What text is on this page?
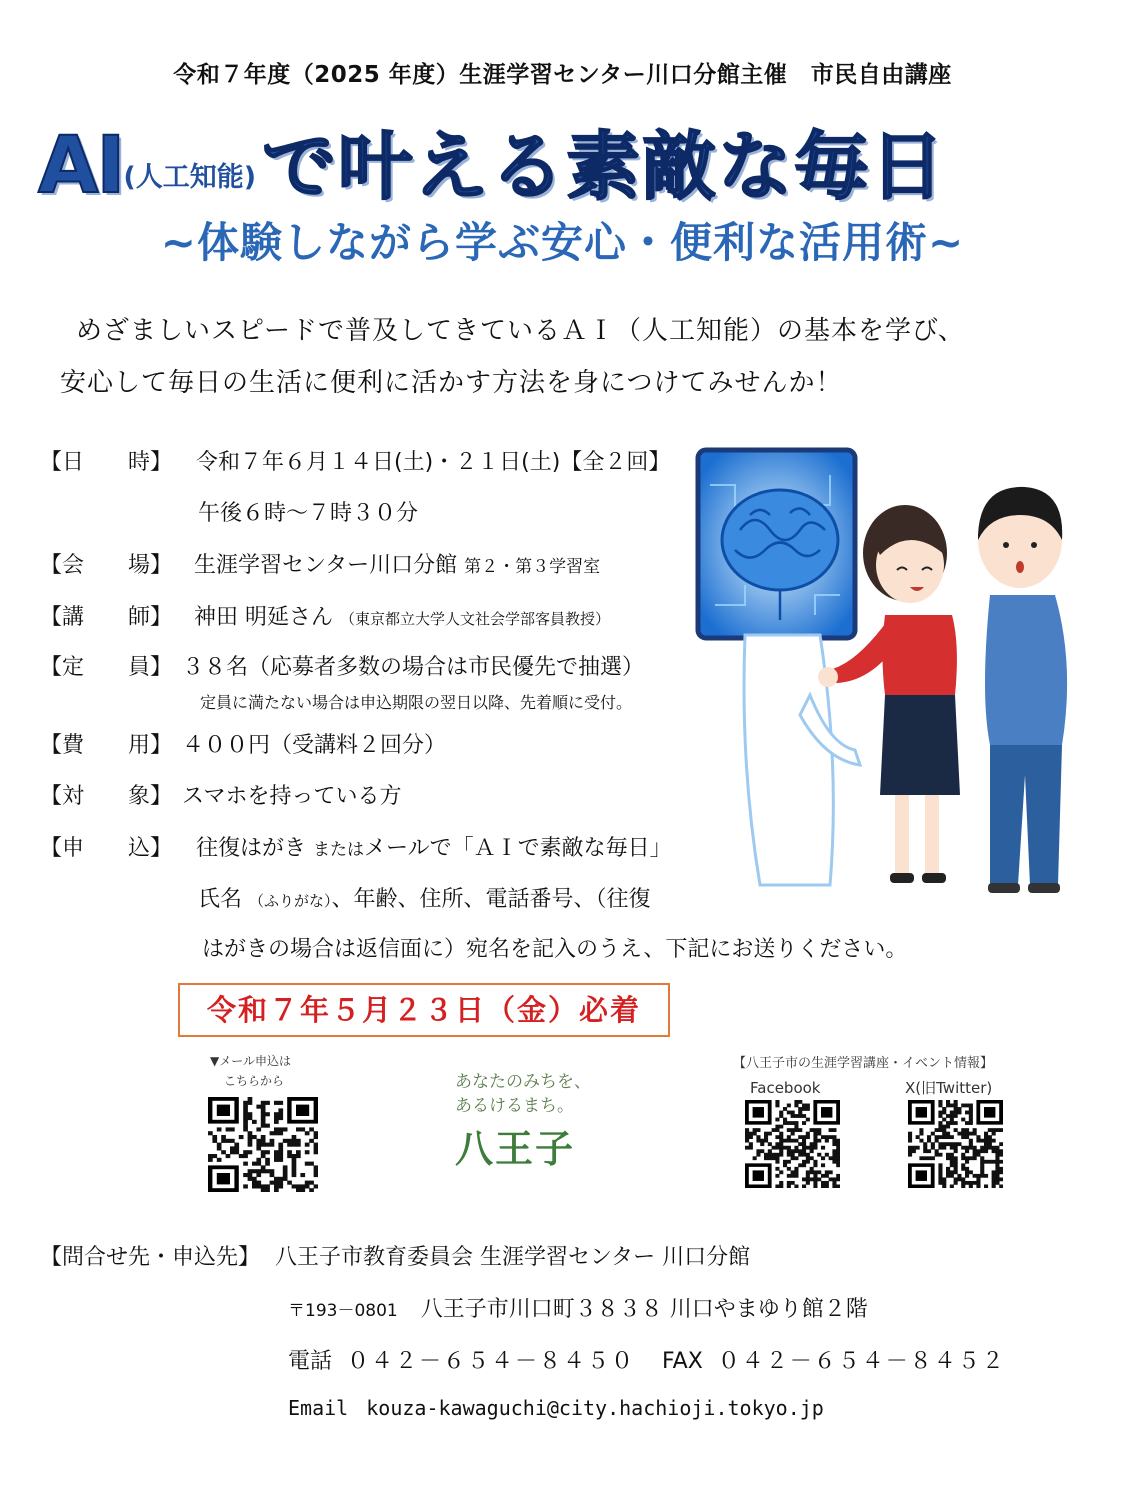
令和７年度（2025 年度）生涯学習センター川口分館主催　市民自由講座
AI(人工知能)で叶える素敵な毎日
~体験しながら学ぶ安心・便利な活用術~
めざましいスピードで普及してきているＡＩ（人工知能）の基本を学び、
安心して毎日の生活に便利に活かす方法を身につけてみせんか！
【日　　時】 令和７年６月１４日(土)・２１日(土)【全２回】
午後６時～７時３０分
【会　　場】 生涯学習センター川口分館 第２・第３学習室
【講　　師】 神田 明延さん （東京都立大学人文社会学部客員教授）
【定　　員】 ３８名（応募者多数の場合は市民優先で抽選）
定員に満たない場合は申込期限の翌日以降、先着順に受付。
【費　　用】 ４００円（受講料２回分）
【対　　象】 スマホを持っている方
【申　　込】 往復はがき またはメールで「ＡＩで素敵な毎日」
氏名 （ふりがな）、年齢、住所、電話番号、（往復
はがきの場合は返信面に）宛名を記入のうえ、下記にお送りください。
令和７年５月２３日（金）必着
▼メール申込は
こちらから	あなたのみちを、
あるけるまち。
八王子
【八王子市の生涯学習講座・イベント情報】
Facebook	X(旧Twitter)
【問合せ先・申込先】 八王子市教育委員会 生涯学習センター 川口分館
〒193－0801 八王子市川口町３８３８ 川口やまゆり館２階
電話 ０４２－６５４－８４５０ FAX ０４２－６５４－８４５２
Email kouza-kawaguchi@city.hachioji.tokyo.jp
